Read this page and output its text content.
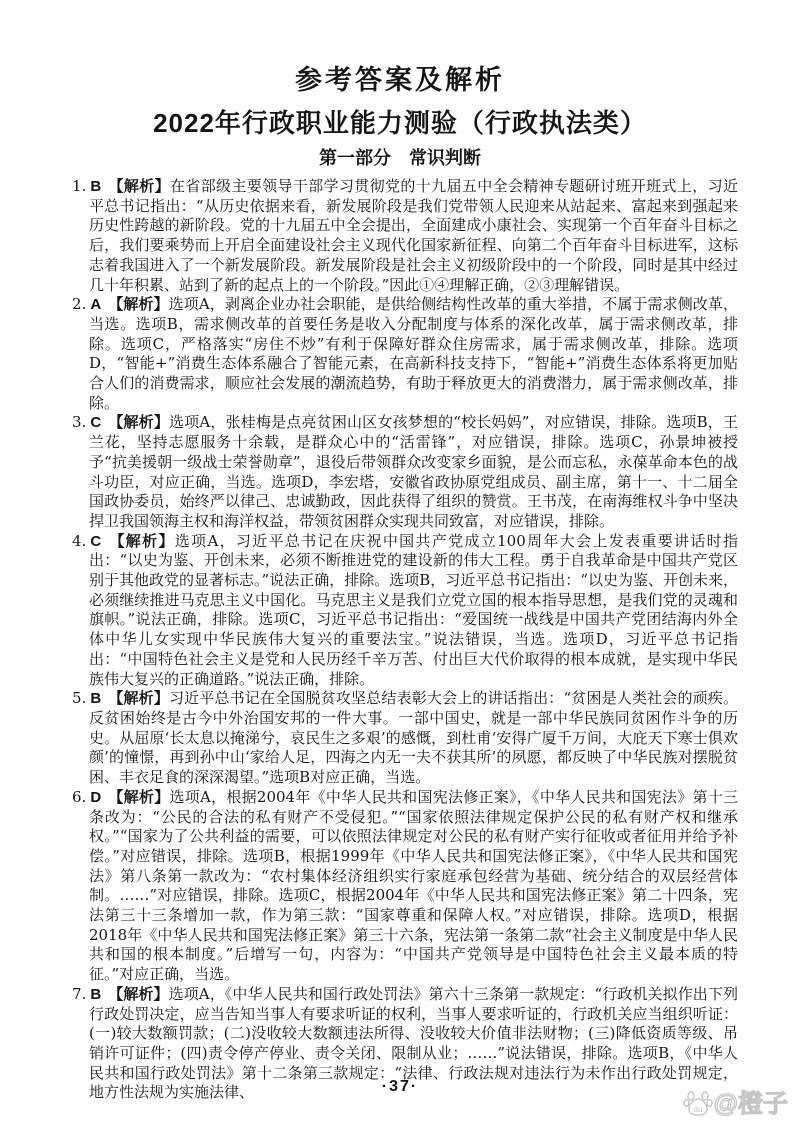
参考答案及解析
2022年行政职业能力测验（行政执法类）
第一部分　常识判断
1. B 【解析】在省部级主要领导干部学习贯彻党的十九届五中全会精神专题研讨班开班式上，习近平总书记指出：“从历史依据来看，新发展阶段是我们党带领人民迎来从站起来、富起来到强起来历史性跨越的新阶段。党的十九届五中全会提出，全面建成小康社会、实现第一个百年奋斗目标之后，我们要乘势而上开启全面建设社会主义现代化国家新征程、向第二个百年奋斗目标进军，这标志着我国进入了一个新发展阶段。新发展阶段是社会主义初级阶段中的一个阶段，同时是其中经过几十年积累、站到了新的起点上的一个阶段。”因此①④理解正确，②③理解错误。
2. A 【解析】选项A，剥离企业办社会职能，是供给侧结构性改革的重大举措，不属于需求侧改革，当选。选项B，需求侧改革的首要任务是收入分配制度与体系的深化改革，属于需求侧改革，排除。选项C，严格落实“房住不炒”有利于保障好群众住房需求，属于需求侧改革，排除。选项D，“智能+”消费生态体系融合了智能元素，在高新科技支持下，“智能+”消费生态体系将更加贴合人们的消费需求，顺应社会发展的潮流趋势，有助于释放更大的消费潜力，属于需求侧改革，排除。
3. C 【解析】选项A，张桂梅是点亮贫困山区女孩梦想的“校长妈妈”，对应错误，排除。选项B，王兰花，坚持志愿服务十余载，是群众心中的“活雷锋”，对应错误，排除。选项C，孙景坤被授予“抗美援朝一级战士荣誉勋章”，退役后带领群众改变家乡面貌，是公而忘私，永葆革命本色的战斗功臣，对应正确，当选。选项D，李宏塔，安徽省政协原党组成员、副主席，第十一、十二届全国政协委员，始终严以律己、忠诚勤政，因此获得了组织的赞赏。王书茂，在南海维权斗争中坚决捍卫我国领海主权和海洋权益，带领贫困群众实现共同致富，对应错误，排除。
4. C 【解析】选项A，习近平总书记在庆祝中国共产党成立100周年大会上发表重要讲话时指出：“以史为鉴、开创未来，必须不断推进党的建设新的伟大工程。勇于自我革命是中国共产党区别于其他政党的显著标志。”说法正确，排除。选项B，习近平总书记指出：“以史为鉴、开创未来，必须继续推进马克思主义中国化。马克思主义是我们立党立国的根本指导思想，是我们党的灵魂和旗帜。”说法正确，排除。选项C，习近平总书记指出：“爱国统一战线是中国共产党团结海内外全体中华儿女实现中华民族伟大复兴的重要法宝。”说法错误，当选。选项D，习近平总书记指出：“中国特色社会主义是党和人民历经千辛万苦、付出巨大代价取得的根本成就，是实现中华民族伟大复兴的正确道路。”说法正确，排除。
5. B 【解析】习近平总书记在全国脱贫攻坚总结表彰大会上的讲话指出：“贫困是人类社会的顽疾。反贫困始终是古今中外治国安邦的一件大事。一部中国史，就是一部中华民族同贫困作斗争的历史。从屈原‘长太息以掩涕兮，哀民生之多艰’的感慨，到杜甫‘安得广厦千万间，大庇天下寒士俱欢颜’的憧憬，再到孙中山‘家给人足，四海之内无一夫不获其所’的夙愿，都反映了中华民族对摆脱贫困、丰衣足食的深深渴望。”选项B对应正确，当选。
6. D 【解析】选项A，根据2004年《中华人民共和国宪法修正案》，《中华人民共和国宪法》第十三条改为：“公民的合法的私有财产不受侵犯。”“国家依照法律规定保护公民的私有财产权和继承权。”“国家为了公共利益的需要，可以依照法律规定对公民的私有财产实行征收或者征用并给予补偿。”对应错误，排除。选项B，根据1999年《中华人民共和国宪法修正案》，《中华人民共和国宪法》第八条第一款改为：“农村集体经济组织实行家庭承包经营为基础、统分结合的双层经营体制。……”对应错误，排除。选项C，根据2004年《中华人民共和国宪法修正案》第二十四条，宪法第三十三条增加一款，作为第三款：“国家尊重和保障人权。”对应错误，排除。选项D，根据2018年《中华人民共和国宪法修正案》第三十六条，宪法第一条第二款“社会主义制度是中华人民共和国的根本制度。”后增写一句，内容为：“中国共产党领导是中国特色社会主义最本质的特征。”对应正确，当选。
7. B 【解析】选项A，《中华人民共和国行政处罚法》第六十三条第一款规定：“行政机关拟作出下列行政处罚决定，应当告知当事人有要求听证的权利，当事人要求听证的，行政机关应当组织听证：(一)较大数额罚款；(二)没收较大数额违法所得、没收较大价值非法财物；(三)降低资质等级、吊销许可证件；(四)责令停产停业、责令关闭、限制从业；……”说法错误，排除。选项B，《中华人民共和国行政处罚法》第十二条第三款规定：“法律、行政法规对违法行为未作出行政处罚规定，地方性法规为实施法律、	·37·
du @橙子
